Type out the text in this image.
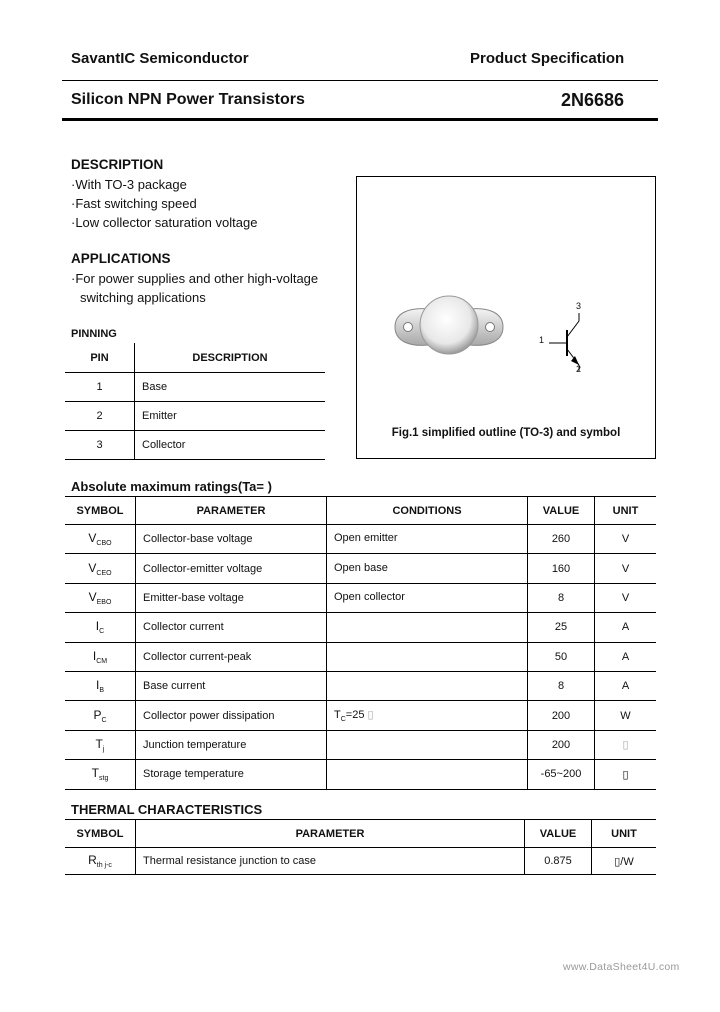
SavantIC Semiconductor	Product Specification
Silicon NPN Power Transistors	2N6686
DESCRIPTION
·With TO-3 package
·Fast switching speed
·Low collector saturation voltage
APPLICATIONS
·For power supplies and other high-voltage
switching applications
PINNING
PIN	DESCRIPTION
1	Base
2	Emitter
3	Collector
1
2
3
Fig.1 simplified outline (TO-3) and symbol
Absolute maximum ratings(Ta= )
SYMBOL	PARAMETER	CONDITIONS	VALUE	UNIT
$V_{CBO}$	Collector-base voltage	Open emitter	260	V
$V_{CEO}$	Collector-emitter voltage	Open base	160	V
$V_{EBO}$	Emitter-base voltage	Open collector	8	V
$I_C$	Collector current		25	A
$I_{CM}$	Collector current-peak		50	A
$I_B$	Base current		8	A
$P_C$	Collector power dissipation	$T_C=25$ ▯	200	W
$T_j$	Junction temperature		200	▯
$T_{stg}$	Storage temperature		-65~200	▯
THERMAL CHARACTERISTICS
SYMBOL	PARAMETER	VALUE	UNIT
$R_{th j-c}$	Thermal resistance junction to case	0.875	▯/W
www.DataSheet4U.com
